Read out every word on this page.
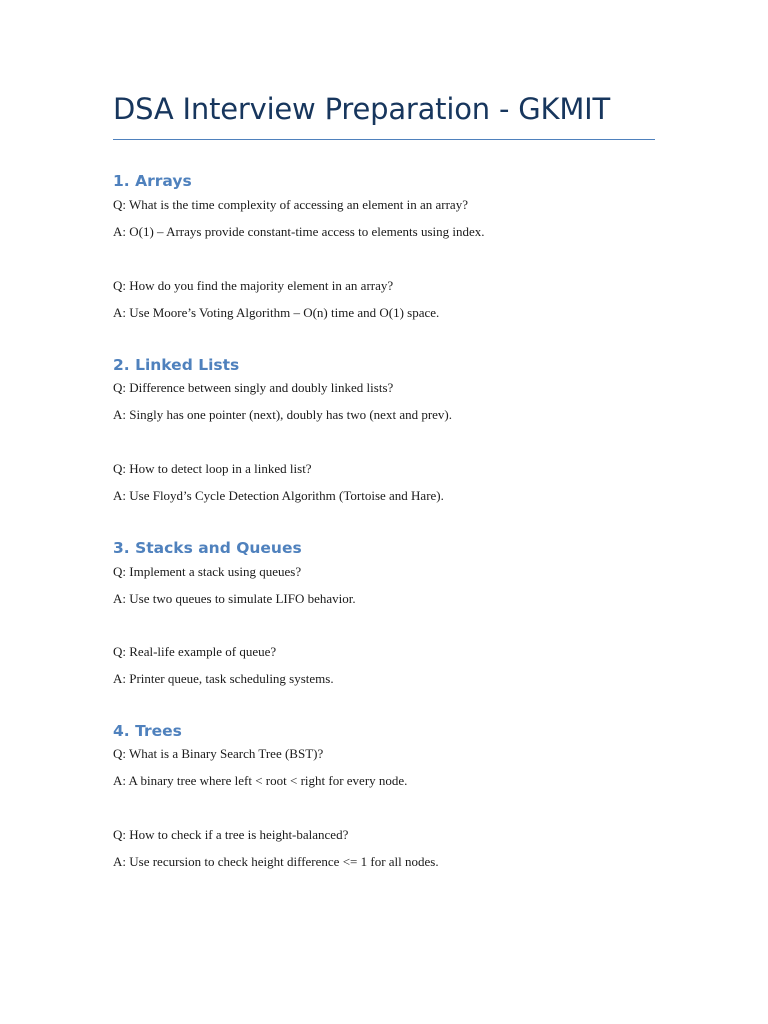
DSA Interview Preparation - GKMIT
1. Arrays
Q: What is the time complexity of accessing an element in an array?
A: O(1) – Arrays provide constant-time access to elements using index.
Q: How do you find the majority element in an array?
A: Use Moore’s Voting Algorithm – O(n) time and O(1) space.
2. Linked Lists
Q: Difference between singly and doubly linked lists?
A: Singly has one pointer (next), doubly has two (next and prev).
Q: How to detect loop in a linked list?
A: Use Floyd’s Cycle Detection Algorithm (Tortoise and Hare).
3. Stacks and Queues
Q: Implement a stack using queues?
A: Use two queues to simulate LIFO behavior.
Q: Real-life example of queue?
A: Printer queue, task scheduling systems.
4. Trees
Q: What is a Binary Search Tree (BST)?
A: A binary tree where left < root < right for every node.
Q: How to check if a tree is height-balanced?
A: Use recursion to check height difference <= 1 for all nodes.
